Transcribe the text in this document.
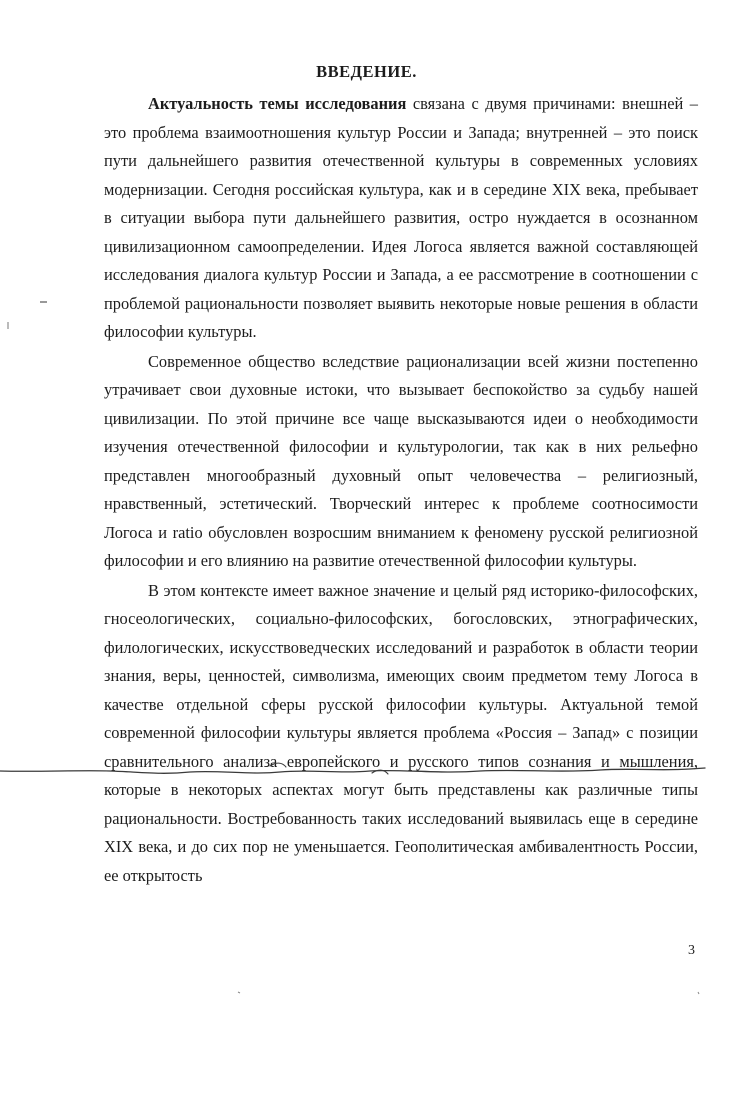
ВВЕДЕНИЕ.

Актуальность темы исследования связана с двумя причинами: внешней – это проблема взаимоотношения культур России и Запада; внутренней – это поиск пути дальнейшего развития отечественной культуры в современных условиях модернизации. Сегодня российская культура, как и в середине XIX века, пребывает в ситуации выбора пути дальнейшего развития, остро нуждается в осознанном цивилизационном самоопределении. Идея Логоса является важной составляющей исследования диалога культур России и Запада, а ее рассмотрение в соотношении с проблемой рациональности позволяет выявить некоторые новые решения в области философии культуры.

Современное общество вследствие рационализации всей жизни постепенно утрачивает свои духовные истоки, что вызывает беспокойство за судьбу нашей цивилизации. По этой причине все чаще высказываются идеи о необходимости изучения отечественной философии и культурологии, так как в них рельефно представлен многообразный духовный опыт человечества – религиозный, нравственный, эстетический. Творческий интерес к проблеме соотносимости Логоса и ratio обусловлен возросшим вниманием к феномену русской религиозной философии и его влиянию на развитие отечественной философии культуры.

В этом контексте имеет важное значение и целый ряд историко-философских, гносеологических, социально-философских, богословских, этнографических, филологических, искусствоведческих исследований и разработок в области теории знания, веры, ценностей, символизма, имеющих своим предметом тему Логоса в качестве отдельной сферы русской философии культуры. Актуальной темой современной философии культуры является проблема «Россия – Запад» с позиции сравнительного анализа европейского и русского типов сознания и мышления, которые в некоторых аспектах могут быть представлены как различные типы рациональности. Востребованность таких исследований выявилась еще в середине XIX века, и до сих пор не уменьшается. Геополитическая амбивалентность России, ее открытость

3
